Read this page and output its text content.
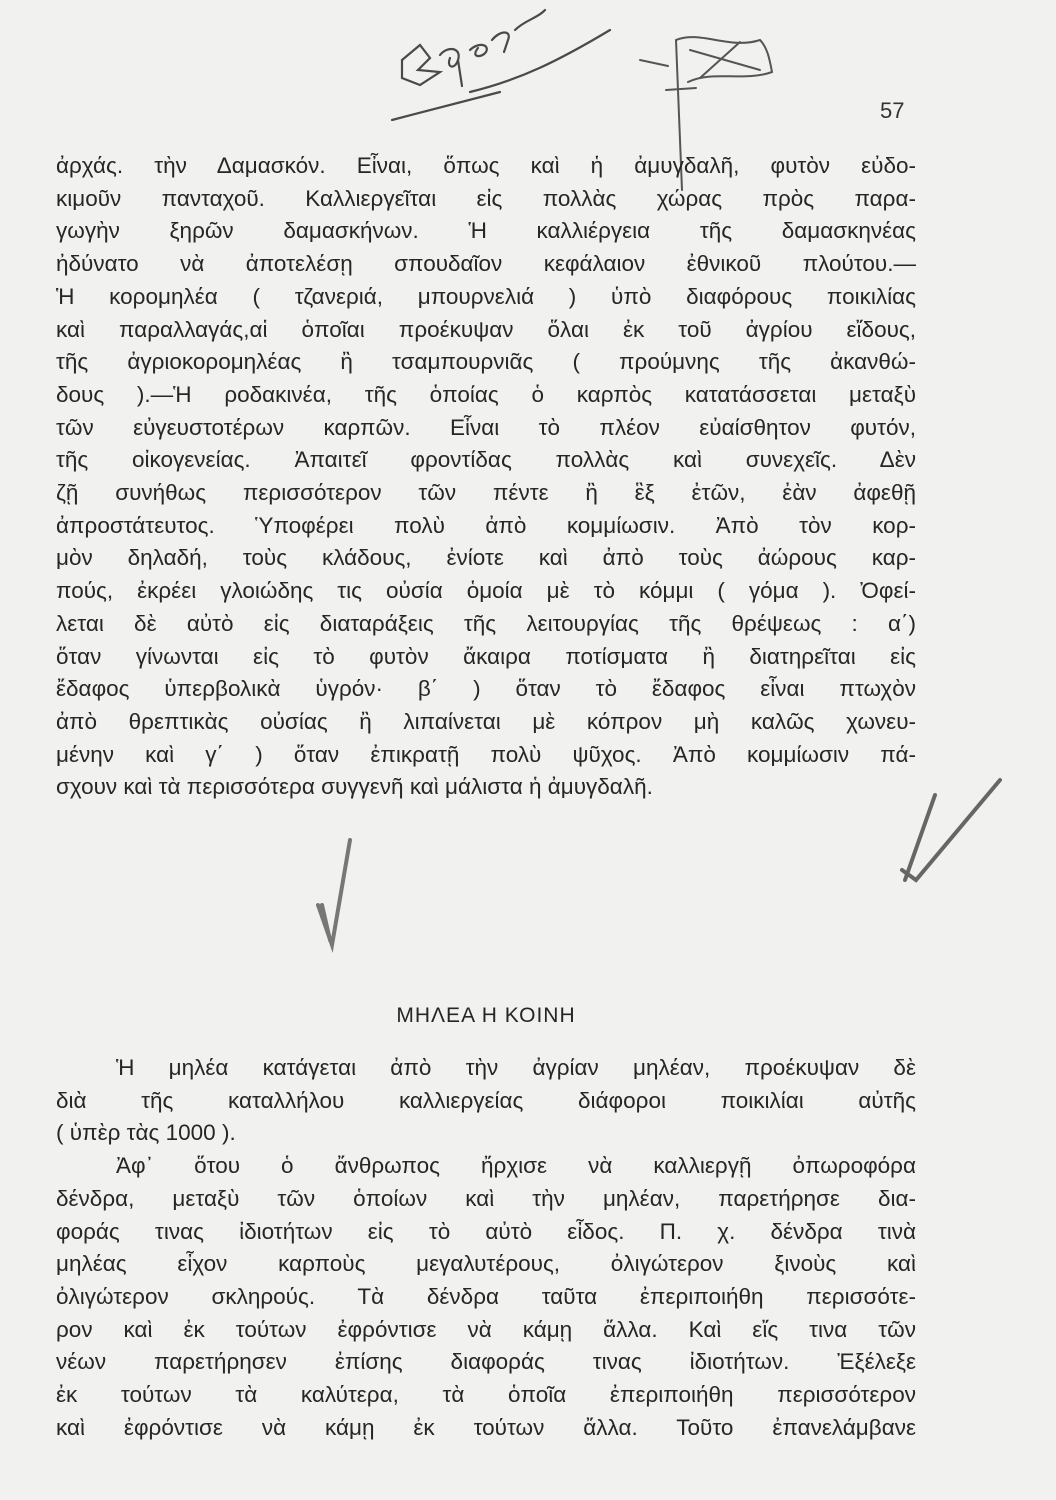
57
ἀρχάς. τὴν Δαμασκόν. Εἶναι, ὅπως καὶ ἡ ἀμυγδαλῆ, φυτὸν εὐδο-
κιμοῦν πανταχοῦ. Καλλιεργεῖται εἰς πολλὰς χώρας πρὸς παρα-
γωγὴν ξηρῶν δαμασκήνων. Ἡ καλλιέργεια τῆς δαμασκηνέας
ἠδύνατο νὰ ἀποτελέσῃ σπουδαῖον κεφάλαιον ἐθνικοῦ πλούτου.—
Ἡ κορομηλέα ( τζανεριά, μπουρνελιά ) ὑπὸ διαφόρους ποικιλίας
καὶ παραλλαγάς,αἱ ὁποῖαι προέκυψαν ὅλαι ἐκ τοῦ ἀγρίου εἴδους,
τῆς ἀγριοκορομηλέας ἢ τσαμπουρνιᾶς ( προύμνης τῆς ἀκανθώ-
δους ).—Ἡ ροδακινέα, τῆς ὁποίας ὁ καρπὸς κατατάσσεται μεταξὺ
τῶν εὐγευστοτέρων καρπῶν. Εἶναι τὸ πλέον εὐαίσθητον φυτόν,
τῆς οἰκογενείας. Ἀπαιτεῖ φροντίδας πολλὰς καὶ συνεχεῖς. Δὲν
ζῇ συνήθως περισσότερον τῶν πέντε ἢ ἓξ ἐτῶν, ἐὰν ἀφεθῇ
ἀπροστάτευτος. Ὑποφέρει πολὺ ἀπὸ κομμίωσιν. Ἀπὸ τὸν κορ-
μὸν δηλαδή, τοὺς κλάδους, ἐνίοτε καὶ ἀπὸ τοὺς ἀώρους καρ-
πούς, ἐκρέει γλοιώδης τις οὐσία ὁμοία μὲ τὸ κόμμι ( γόμα ). Ὀφεί-
λεται δὲ αὐτὸ εἰς διαταράξεις τῆς λειτουργίας τῆς θρέψεως : α΄)
ὅταν γίνωνται εἰς τὸ φυτὸν ἄκαιρα ποτίσματα ἢ διατηρεῖται εἰς
ἔδαφος ὑπερβολικὰ ὑγρόν· β΄ ) ὅταν τὸ ἔδαφος εἶναι πτωχὸν
ἀπὸ θρεπτικὰς οὐσίας ἢ λιπαίνεται μὲ κόπρον μὴ καλῶς χωνευ-
μένην καὶ γ΄ ) ὅταν ἐπικρατῇ πολὺ ψῦχος. Ἀπὸ κομμίωσιν πά-
σχουν καὶ τὰ περισσότερα συγγενῆ καὶ μάλιστα ἡ ἀμυγδαλῆ.
ΜΗΛΕΑ Η ΚΟΙΝΗ
Ἡ μηλέα κατάγεται ἀπὸ τὴν ἀγρίαν μηλέαν, προέκυψαν δὲ
διὰ τῆς καταλλήλου καλλιεργείας διάφοροι ποικιλίαι αὐτῆς
( ὑπὲρ τὰς 1000 ).
Ἀφ᾽ ὅτου ὁ ἄνθρωπος ἤρχισε νὰ καλλιεργῇ ὀπωροφόρα
δένδρα, μεταξὺ τῶν ὁποίων καὶ τὴν μηλέαν, παρετήρησε δια-
φοράς τινας ἰδιοτήτων εἰς τὸ αὐτὸ εἶδος. Π. χ. δένδρα τινὰ
μηλέας εἶχον καρποὺς μεγαλυτέρους, ὀλιγώτερον ξινοὺς καὶ
ὀλιγώτερον σκληρούς. Τὰ δένδρα ταῦτα ἐπεριποιήθη περισσότε-
ρον καὶ ἐκ τούτων ἐφρόντισε νὰ κάμῃ ἄλλα. Καὶ εἴς τινα τῶν
νέων παρετήρησεν ἐπίσης διαφοράς τινας ἰδιοτήτων. Ἐξέλεξε
ἐκ τούτων τὰ καλύτερα, τὰ ὁποῖα ἐπεριποιήθη περισσότερον
καὶ ἐφρόντισε νὰ κάμῃ ἐκ τούτων ἄλλα. Τοῦτο ἐπανελάμβανε
